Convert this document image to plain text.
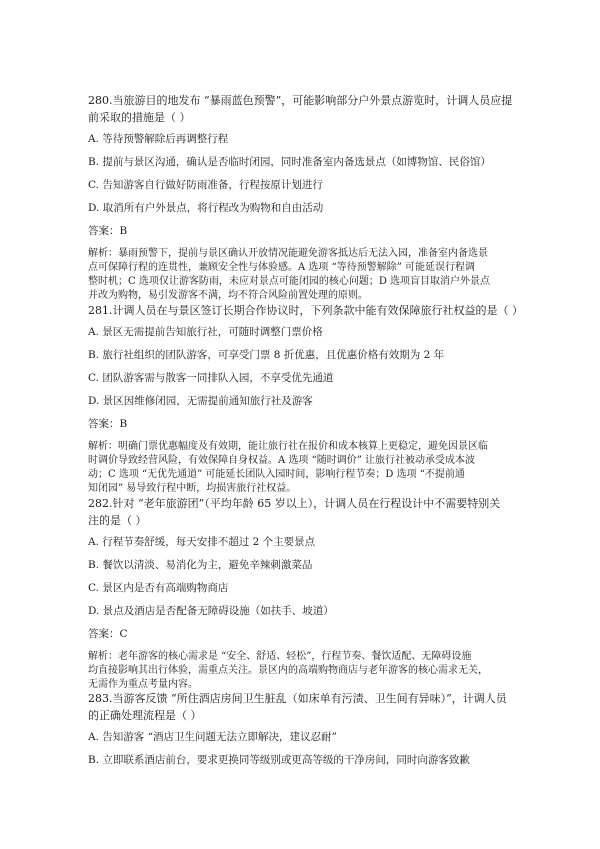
280.当旅游目的地发布 “暴雨蓝色预警”，可能影响部分户外景点游览时，计调人员应提
前采取的措施是（ ）
A. 等待预警解除后再调整行程
B. 提前与景区沟通，确认是否临时闭园，同时准备室内备选景点（如博物馆、民俗馆）
C. 告知游客自行做好防雨准备，行程按原计划进行
D. 取消所有户外景点，将行程改为购物和自由活动
答案：B
解析：暴雨预警下，提前与景区确认开放情况能避免游客抵达后无法入园，准备室内备选景
点可保障行程的连贯性，兼顾安全性与体验感。A 选项 “等待预警解除” 可能延误行程调
整时机；C 选项仅让游客防雨，未应对景点可能闭园的核心问题；D 选项盲目取消户外景点
并改为购物，易引发游客不满，均不符合风险前置处理的原则。
281.计调人员在与景区签订长期合作协议时，下列条款中能有效保障旅行社权益的是（ ）
A. 景区无需提前告知旅行社，可随时调整门票价格
B. 旅行社组织的团队游客，可享受门票 8 折优惠，且优惠价格有效期为 2 年
C. 团队游客需与散客一同排队入园，不享受优先通道
D. 景区因维修闭园，无需提前通知旅行社及游客
答案：B
解析：明确门票优惠幅度及有效期，能让旅行社在报价和成本核算上更稳定，避免因景区临
时调价导致经营风险，有效保障自身权益。A 选项 “随时调价” 让旅行社被动承受成本波
动；C 选项 “无优先通道” 可能延长团队入园时间，影响行程节奏；D 选项 “不提前通
知闭园” 易导致行程中断，均损害旅行社权益。
282.针对 “老年旅游团”（平均年龄 65 岁以上），计调人员在行程设计中不需要特别关
注的是（ ）
A. 行程节奏舒缓，每天安排不超过 2 个主要景点
B. 餐饮以清淡、易消化为主，避免辛辣刺激菜品
C. 景区内是否有高端购物商店
D. 景点及酒店是否配备无障碍设施（如扶手、坡道）
答案：C
解析：老年游客的核心需求是 “安全、舒适、轻松”，行程节奏、餐饮适配、无障碍设施
均直接影响其出行体验，需重点关注。景区内的高端购物商店与老年游客的核心需求无关，
无需作为重点考量内容。
283.当游客反馈 “所住酒店房间卫生脏乱（如床单有污渍、卫生间有异味）”，计调人员
的正确处理流程是（ ）
A. 告知游客 “酒店卫生问题无法立即解决，建议忍耐”
B. 立即联系酒店前台，要求更换同等级别或更高等级的干净房间，同时向游客致歉
